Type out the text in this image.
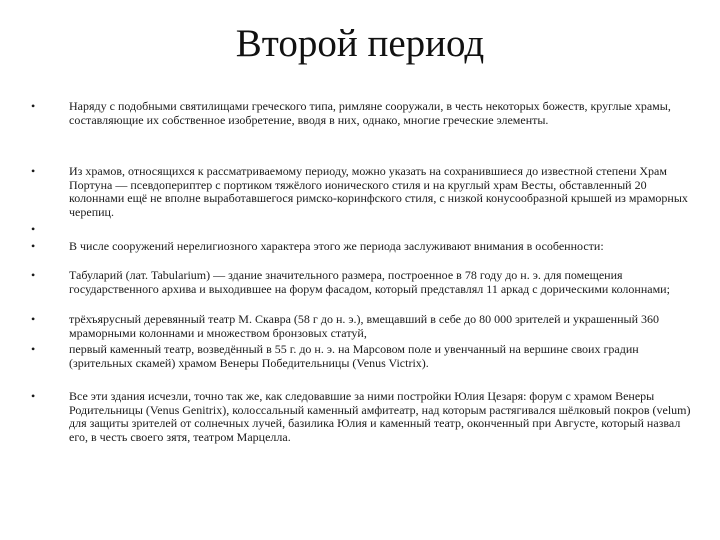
Второй период
•	Наряду с подобными святилищами греческого типа, римляне сооружали, в честь некоторых божеств, круглые храмы, составляющие их собственное изобретение, вводя в них, однако, многие греческие элементы.
•	Из храмов, относящихся к рассматриваемому периоду, можно указать на сохранившиеся до известной степени Храм Портуна — псевдопериптер с портиком тяжёлого ионического стиля и на круглый храм Весты, обставленный 20 колоннами ещё не вполне выработавшегося римско-коринфского стиля, с низкой конусообразной крышей из мраморных черепиц.
•
•	В числе сооружений нерелигиозного характера этого же периода заслуживают внимания в особенности:
•	Табуларий (лат. Tabularium) — здание значительного размера, построенное в 78 году до н. э. для помещения государственного архива и выходившее на форум фасадом, который представлял 11 аркад с дорическими колоннами;
•	трёхъярусный деревянный театр М. Скавра (58 г до н. э.), вмещавший в себе до 80 000 зрителей и украшенный 360 мраморными колоннами и множеством бронзовых статуй,
•	первый каменный театр, возведённый в 55 г. до н. э. на Марсовом поле и увенчанный на вершине своих градин (зрительных скамей) храмом Венеры Победительницы (Venus Victrix).
•	Все эти здания исчезли, точно так же, как следовавшие за ними постройки Юлия Цезаря: форум с храмом Венеры Родительницы (Venus Genitrix), колоссальный каменный амфитеатр, над которым растягивался шёлковый покров (velum) для защиты зрителей от солнечных лучей, базилика Юлия и каменный театр, оконченный при Августе, который назвал его, в честь своего зятя, театром Марцелла.
